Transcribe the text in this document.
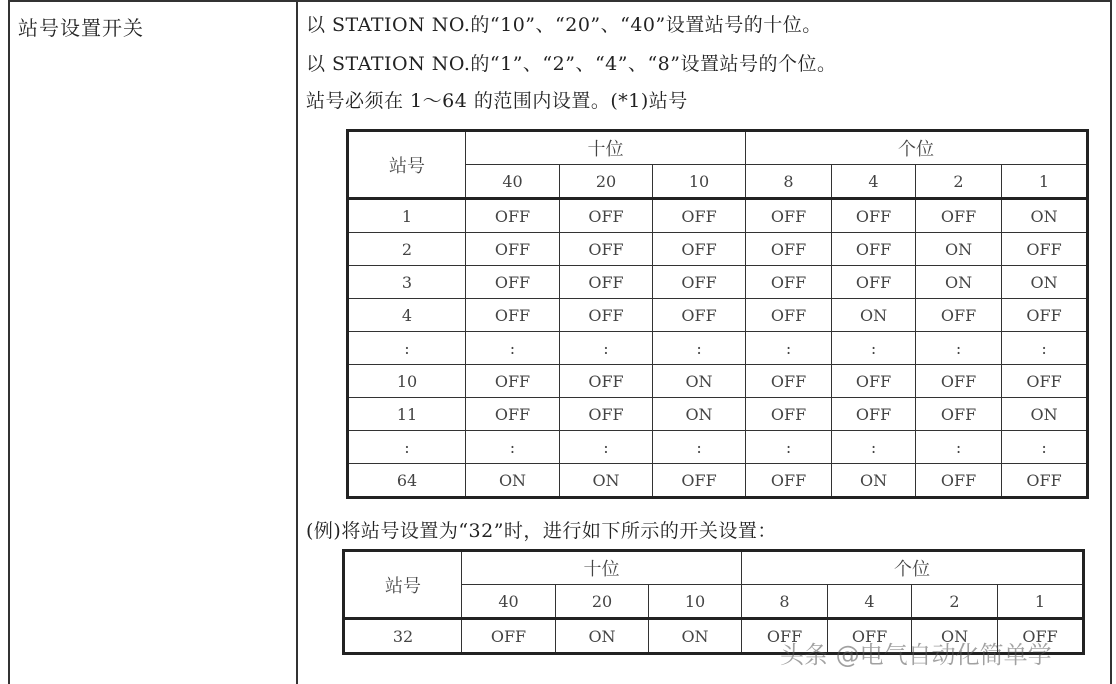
站号设置开关	以 STATION NO.的“10”、“20”、“40”设置站号的十位。
以 STATION NO.的“1”、“2”、“4”、“8”设置站号的个位。
站号必须在 1～64 的范围内设置。(*1)站号
站号	十位			个位			
	40	20	10	8	4	2	1
1	OFF	OFF	OFF	OFF	OFF	OFF	ON
2	OFF	OFF	OFF	OFF	OFF	ON	OFF
3	OFF	OFF	OFF	OFF	OFF	ON	ON
4	OFF	OFF	OFF	OFF	ON	OFF	OFF
:	:	:	:	:	:	:	:
10	OFF	OFF	ON	OFF	OFF	OFF	OFF
11	OFF	OFF	ON	OFF	OFF	OFF	ON
:	:	:	:	:	:	:	:
64	ON	ON	OFF	OFF	ON	OFF	OFF
(例)将站号设置为“32”时，进行如下所示的开关设置：
站号	十位			个位			
	40	20	10	8	4	2	1
32	OFF	ON	ON	OFF	OFF	ON	OFF
头条 @电气自动化简单学
